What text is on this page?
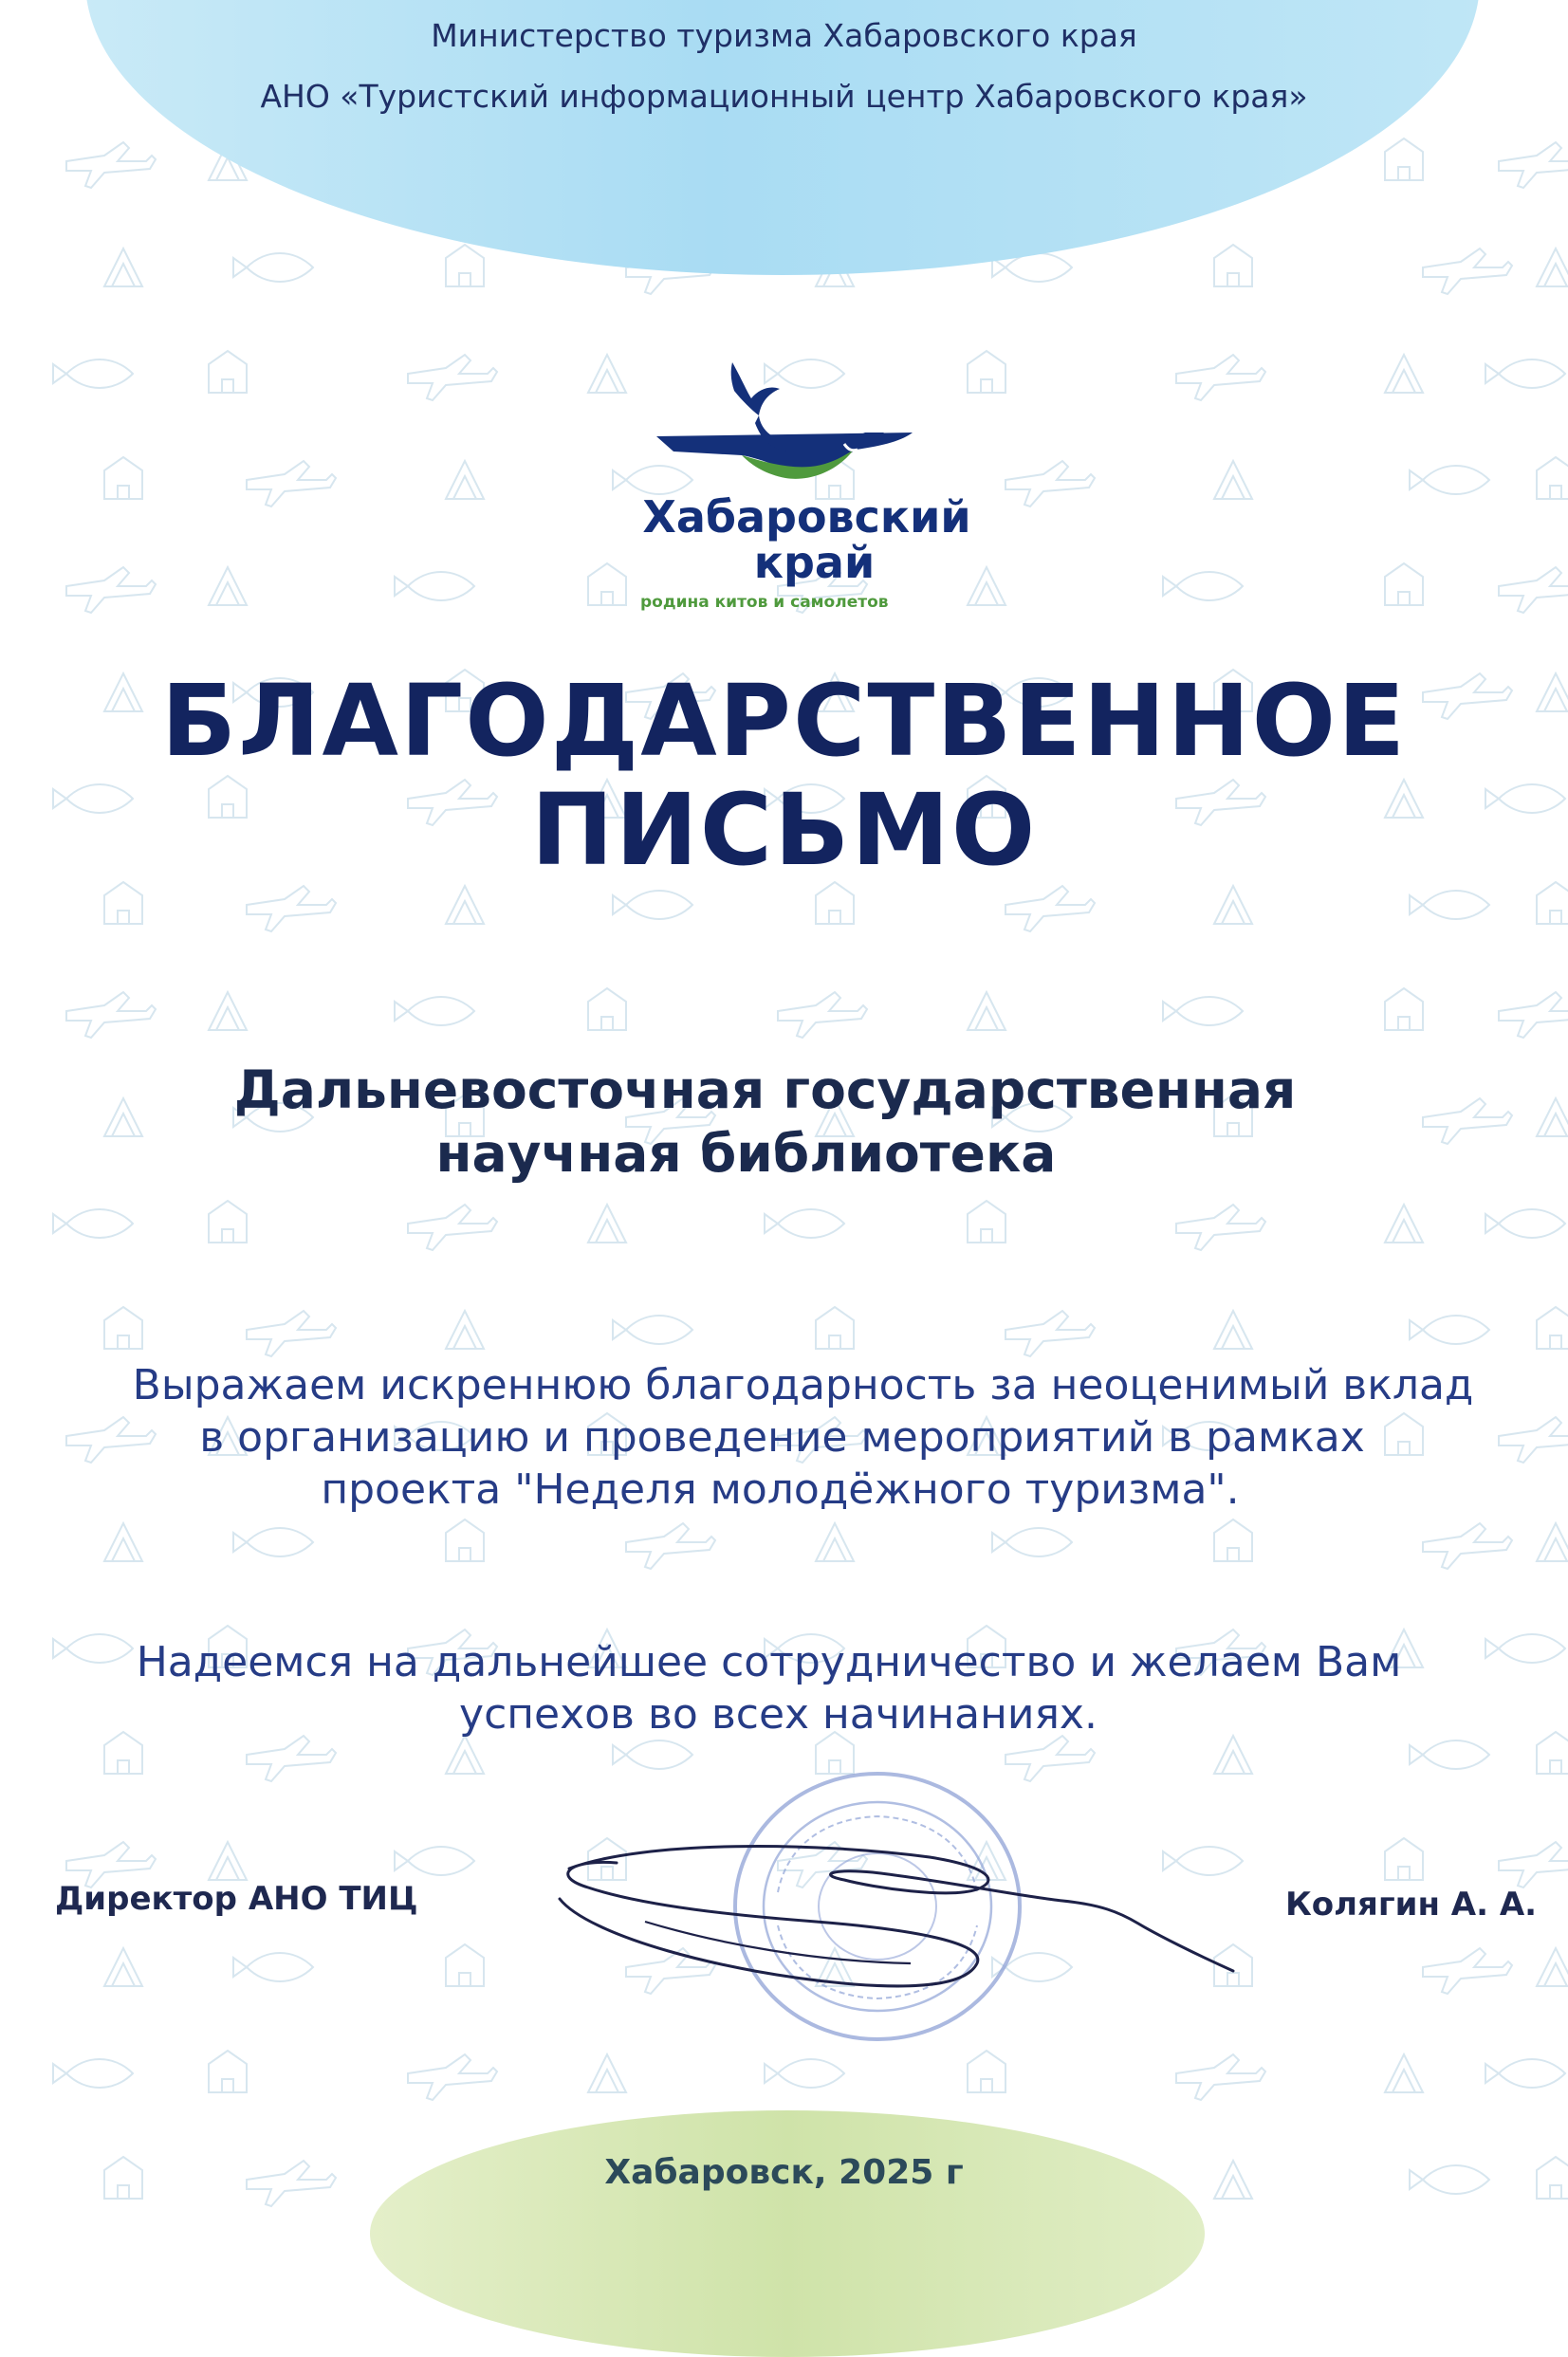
Министерство туризма Хабаровского края
АНО «Туристский информационный центр Хабаровского края»
Хабаровский
край
родина китов и самолетов
БЛАГОДАРСТВЕННОЕ
ПИСЬМО
Дальневосточная государственная
научная библиотека
Выражаем искреннюю благодарность за неоценимый вклад
в организацию и проведение мероприятий в рамках
проекта "Неделя молодёжного туризма".
Надеемся на дальнейшее сотрудничество и желаем Вам
успехов во всех начинаниях.
Директор АНО ТИЦ	Колягин А. А.
Хабаровск, 2025 г
